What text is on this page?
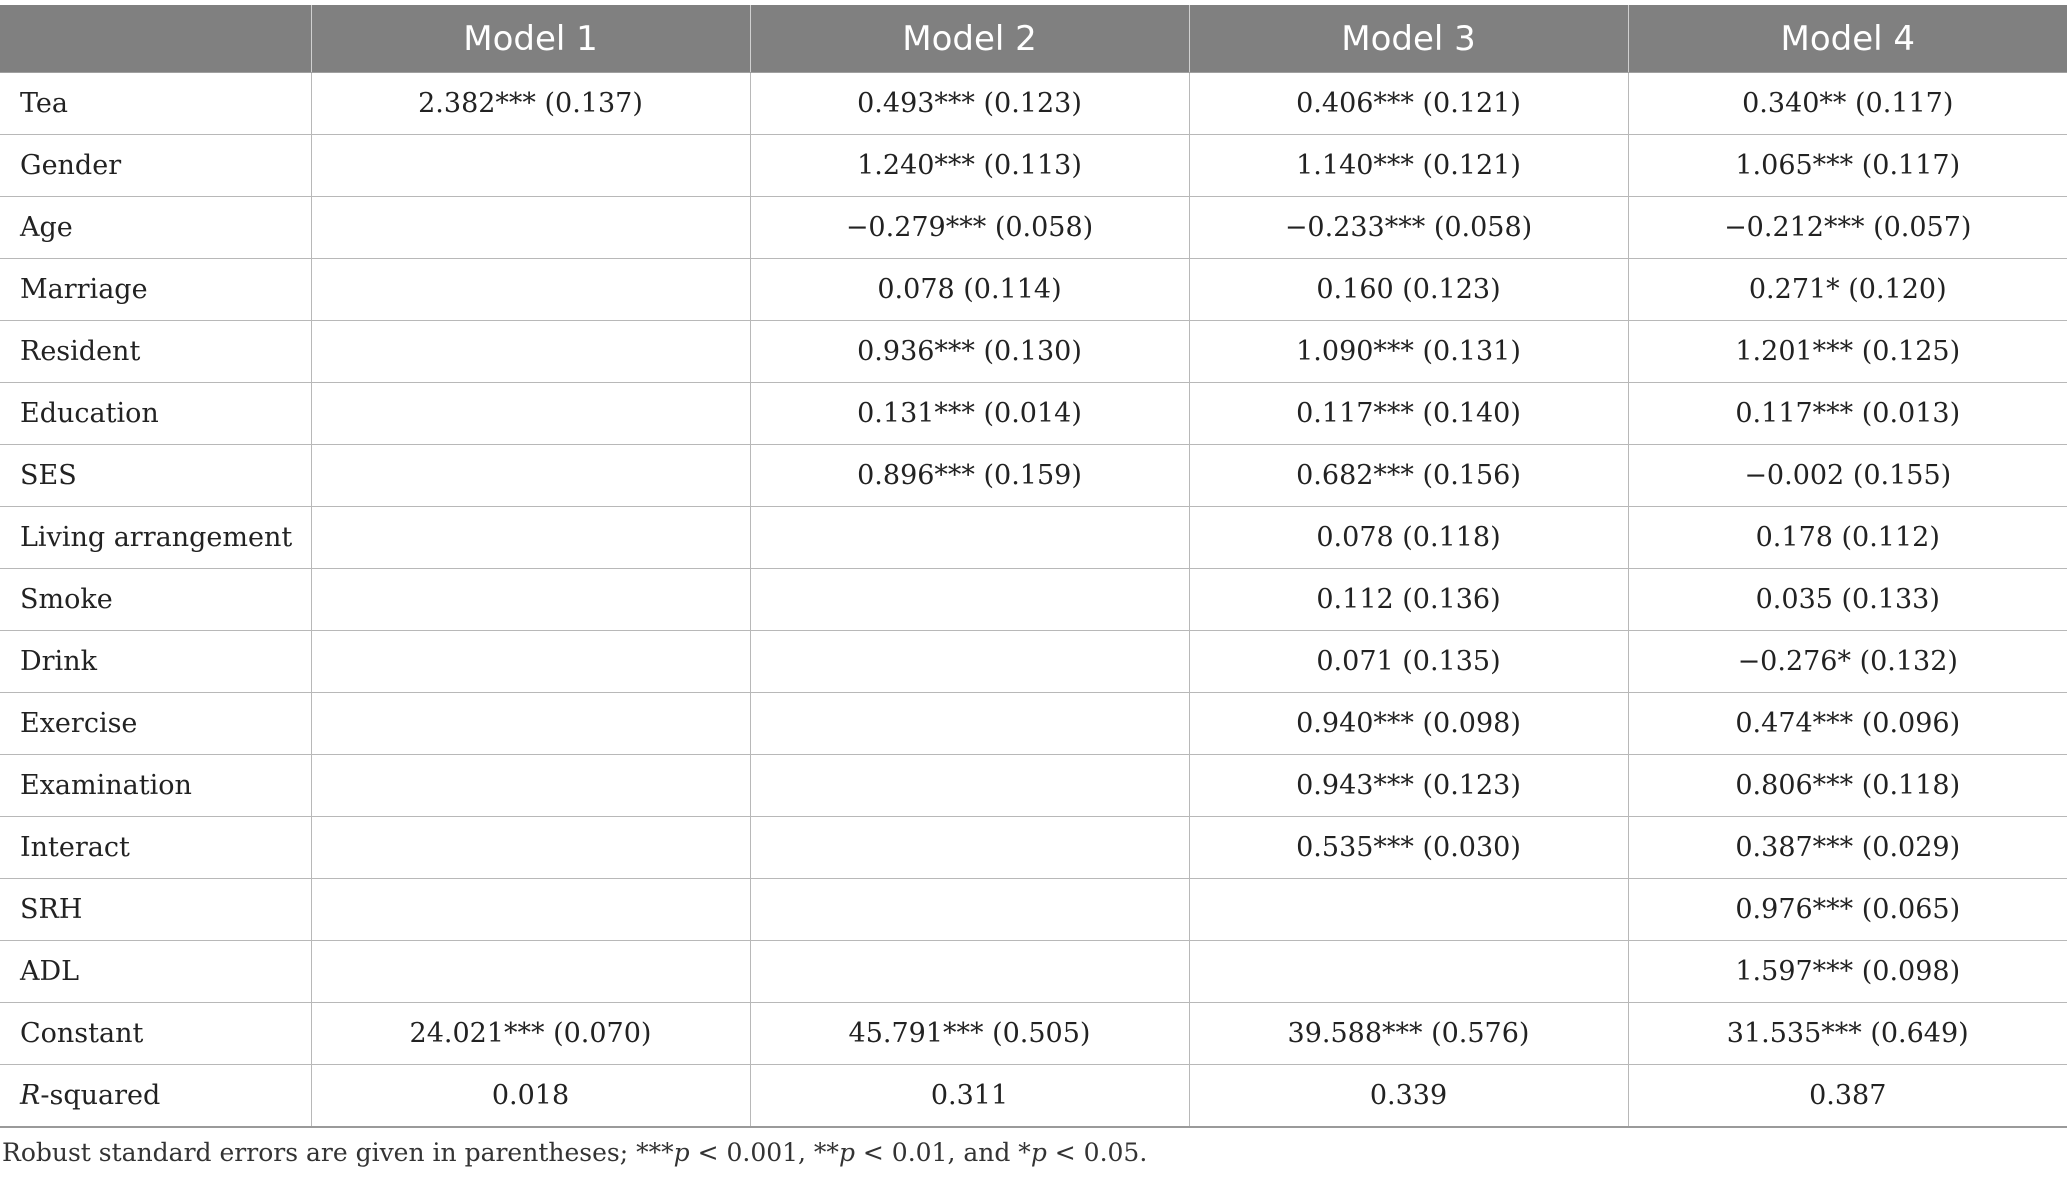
	Model 1	Model 2	Model 3	Model 4
Tea	2.382*** (0.137)	0.493*** (0.123)	0.406*** (0.121)	0.340** (0.117)
Gender		1.240*** (0.113)	1.140*** (0.121)	1.065*** (0.117)
Age		−0.279*** (0.058)	−0.233*** (0.058)	−0.212*** (0.057)
Marriage		0.078 (0.114)	0.160 (0.123)	0.271* (0.120)
Resident		0.936*** (0.130)	1.090*** (0.131)	1.201*** (0.125)
Education		0.131*** (0.014)	0.117*** (0.140)	0.117*** (0.013)
SES		0.896*** (0.159)	0.682*** (0.156)	−0.002 (0.155)
Living arrangement			0.078 (0.118)	0.178 (0.112)
Smoke			0.112 (0.136)	0.035 (0.133)
Drink			0.071 (0.135)	−0.276* (0.132)
Exercise			0.940*** (0.098)	0.474*** (0.096)
Examination			0.943*** (0.123)	0.806*** (0.118)
Interact			0.535*** (0.030)	0.387*** (0.029)
SRH				0.976*** (0.065)
ADL				1.597*** (0.098)
Constant	24.021*** (0.070)	45.791*** (0.505)	39.588*** (0.576)	31.535*** (0.649)
R-squared	0.018	0.311	0.339	0.387
Robust standard errors are given in parentheses; ***p < 0.001, **p < 0.01, and *p < 0.05.
